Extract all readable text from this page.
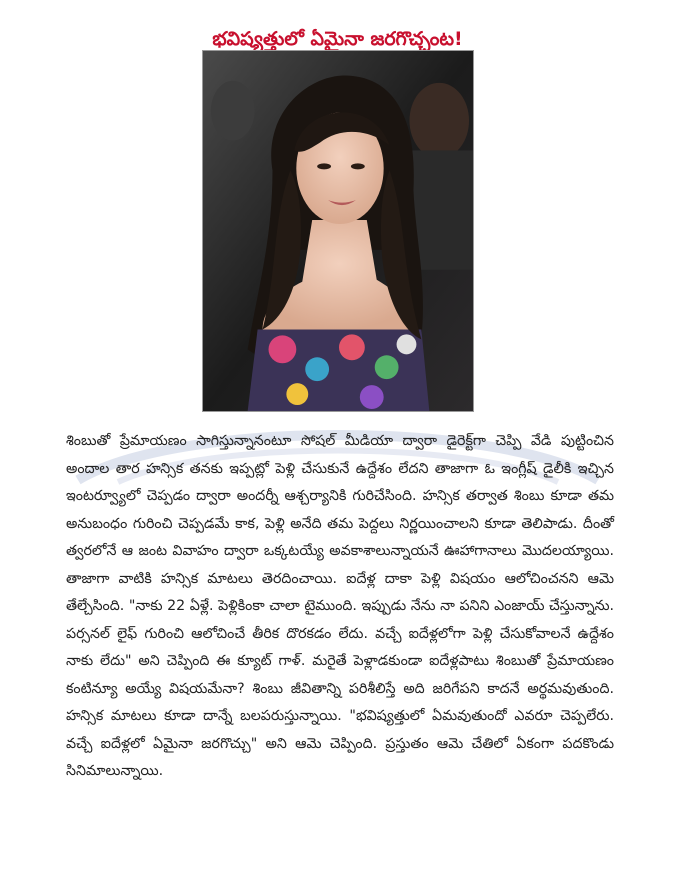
భవిష్యత్తులో ఏమైనా జరగొచ్చంట!

శింబుతో ప్రేమాయణం సాగిస్తున్నానంటూ సోషల్ మీడియా ద్వారా డైరెక్ట్‌గా చెప్పి వేడి పుట్టించిన అందాల తార హన్సిక తనకు ఇప్పట్లో పెళ్లి చేసుకునే ఉద్దేశం లేదని తాజాగా ఓ ఇంగ్లీష్ డైలీకి ఇచ్చిన ఇంటర్వ్యూలో చెప్పడం ద్వారా అందర్నీ ఆశ్చర్యానికి గురిచేసింది. హన్సిక తర్వాత శింబు కూడా తమ అనుబంధం గురించి చెప్పడమే కాక, పెళ్లి అనేది తమ పెద్దలు నిర్ణయించాలని కూడా తెలిపాడు. దీంతో త్వరలోనే ఆ జంట వివాహం ద్వారా ఒక్కటయ్యే అవకాశాలున్నాయనే ఊహాగానాలు మొదలయ్యాయి. తాజాగా వాటికి హన్సిక మాటలు తెరదించాయి. ఐదేళ్ల దాకా పెళ్లి విషయం ఆలోచించనని ఆమె తేల్చేసింది. "నాకు 22 ఏళ్లే. పెళ్లికింకా చాలా టైముంది. ఇప్పుడు నేను నా పనిని ఎంజాయ్ చేస్తున్నాను. పర్సనల్ లైఫ్ గురించి ఆలోచించే తీరిక దొరకడం లేదు. వచ్చే ఐదేళ్లలోగా పెళ్లి చేసుకోవాలనే ఉద్దేశం నాకు లేదు" అని చెప్పింది ఈ క్యూట్ గాళ్. మరైతే పెళ్లాడకుండా ఐదేళ్లపాటు శింబుతో ప్రేమాయణం కంటిన్యూ అయ్యే విషయమేనా? శింబు జీవితాన్ని పరిశీలిస్తే అది జరిగేపని కాదనే అర్థమవుతుంది. హన్సిక మాటలు కూడా దాన్నే బలపరుస్తున్నాయి. "భవిష్యత్తులో ఏమవుతుందో ఎవరూ చెప్పలేరు. వచ్చే ఐదేళ్లలో ఏమైనా జరగొచ్చు" అని ఆమె చెప్పింది. ప్రస్తుతం ఆమె చేతిలో ఏకంగా పదకొండు సినిమాలున్నాయి.
